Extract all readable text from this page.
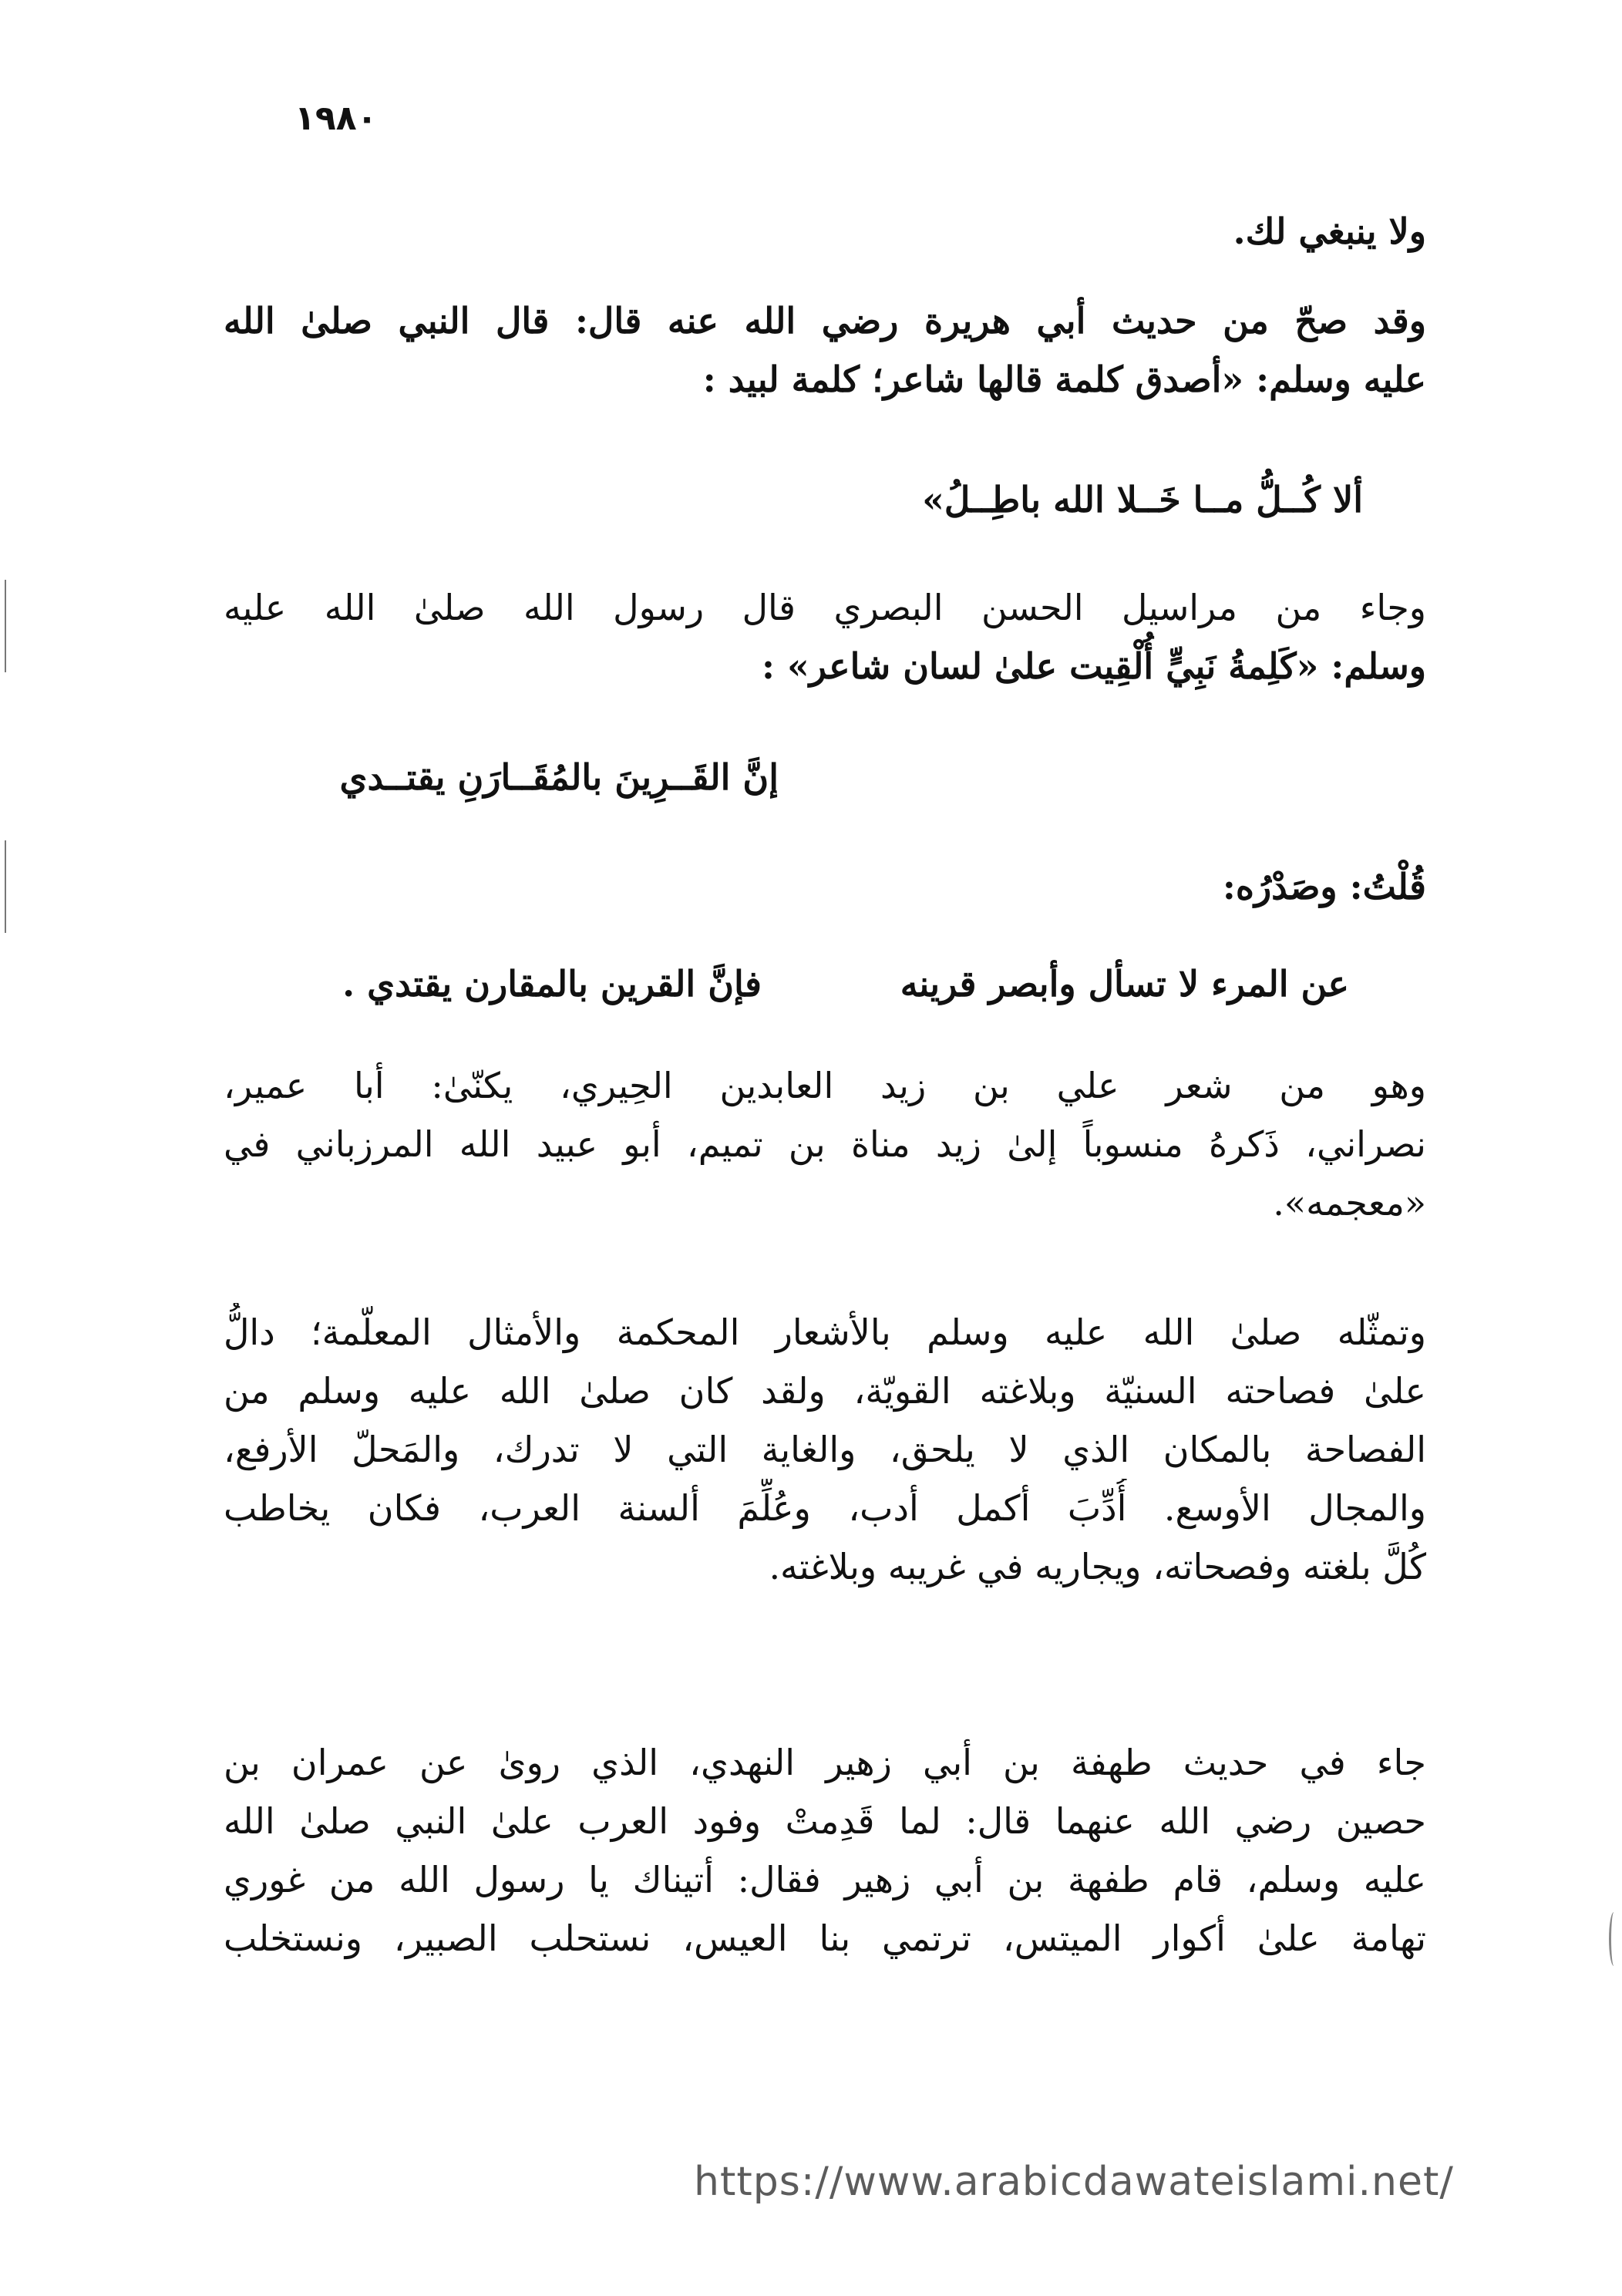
١٩٨٠
ولا ينبغي لك.
وقد صحّ من حديث أبي هريرة رضي الله عنه قال: قال النبي صلىٰ الله
عليه وسلم: «أصدق كلمة قالها شاعر؛ كلمة لبيد :
ألا كُــلُّ مــا خَــلا الله باطِــلُ»
وجاء من مراسيل الحسن البصري قال رسول الله صلىٰ الله عليه
وسلم: «كَلِمةُ نَبِيٍّ أُلْقِيت علىٰ لسان شاعر» :
إنَّ القَــرِينَ بالمُقَــارَنِ يقتــدي
قُلْتُ: وصَدْرُه:
عن المرء لا تسأل وأبصر قرينه
فإنَّ القرين بالمقارن يقتدي .
وهو من شعر علي بن زيد العابدين الحِيري، يكنّىٰ: أبا عمير،
نصراني، ذَكرهُ منسوباً إلىٰ زيد مناة بن تميم، أبو عبيد الله المرزباني في
«معجمه».
وتمثّله صلىٰ الله عليه وسلم بالأشعار المحكمة والأمثال المعلّمة؛ دالُّ
علىٰ فصاحته السنيّة وبلاغته القويّة، ولقد كان صلىٰ الله عليه وسلم من
الفصاحة بالمكان الذي لا يلحق، والغاية التي لا تدرك، والمَحلّ الأرفع،
والمجال الأوسع. أُدِّبَ أكمل أدب، وعُلِّمَ ألسنة العرب، فكان يخاطب
كُلَّ بلغته وفصحاته، ويجاريه في غريبه وبلاغته.
جاء في حديث طهفة بن أبي زهير النهدي، الذي روىٰ عن عمران بن
حصين رضي الله عنهما قال: لما قَدِمتْ وفود العرب علىٰ النبي صلىٰ الله
عليه وسلم، قام طفهة بن أبي زهير فقال: أتيناك يا رسول الله من غوري
تهامة علىٰ أكوار الميتس، ترتمي بنا العيس، نستحلب الصبير، ونستخلب
https://www.arabicdawateislami.net/
